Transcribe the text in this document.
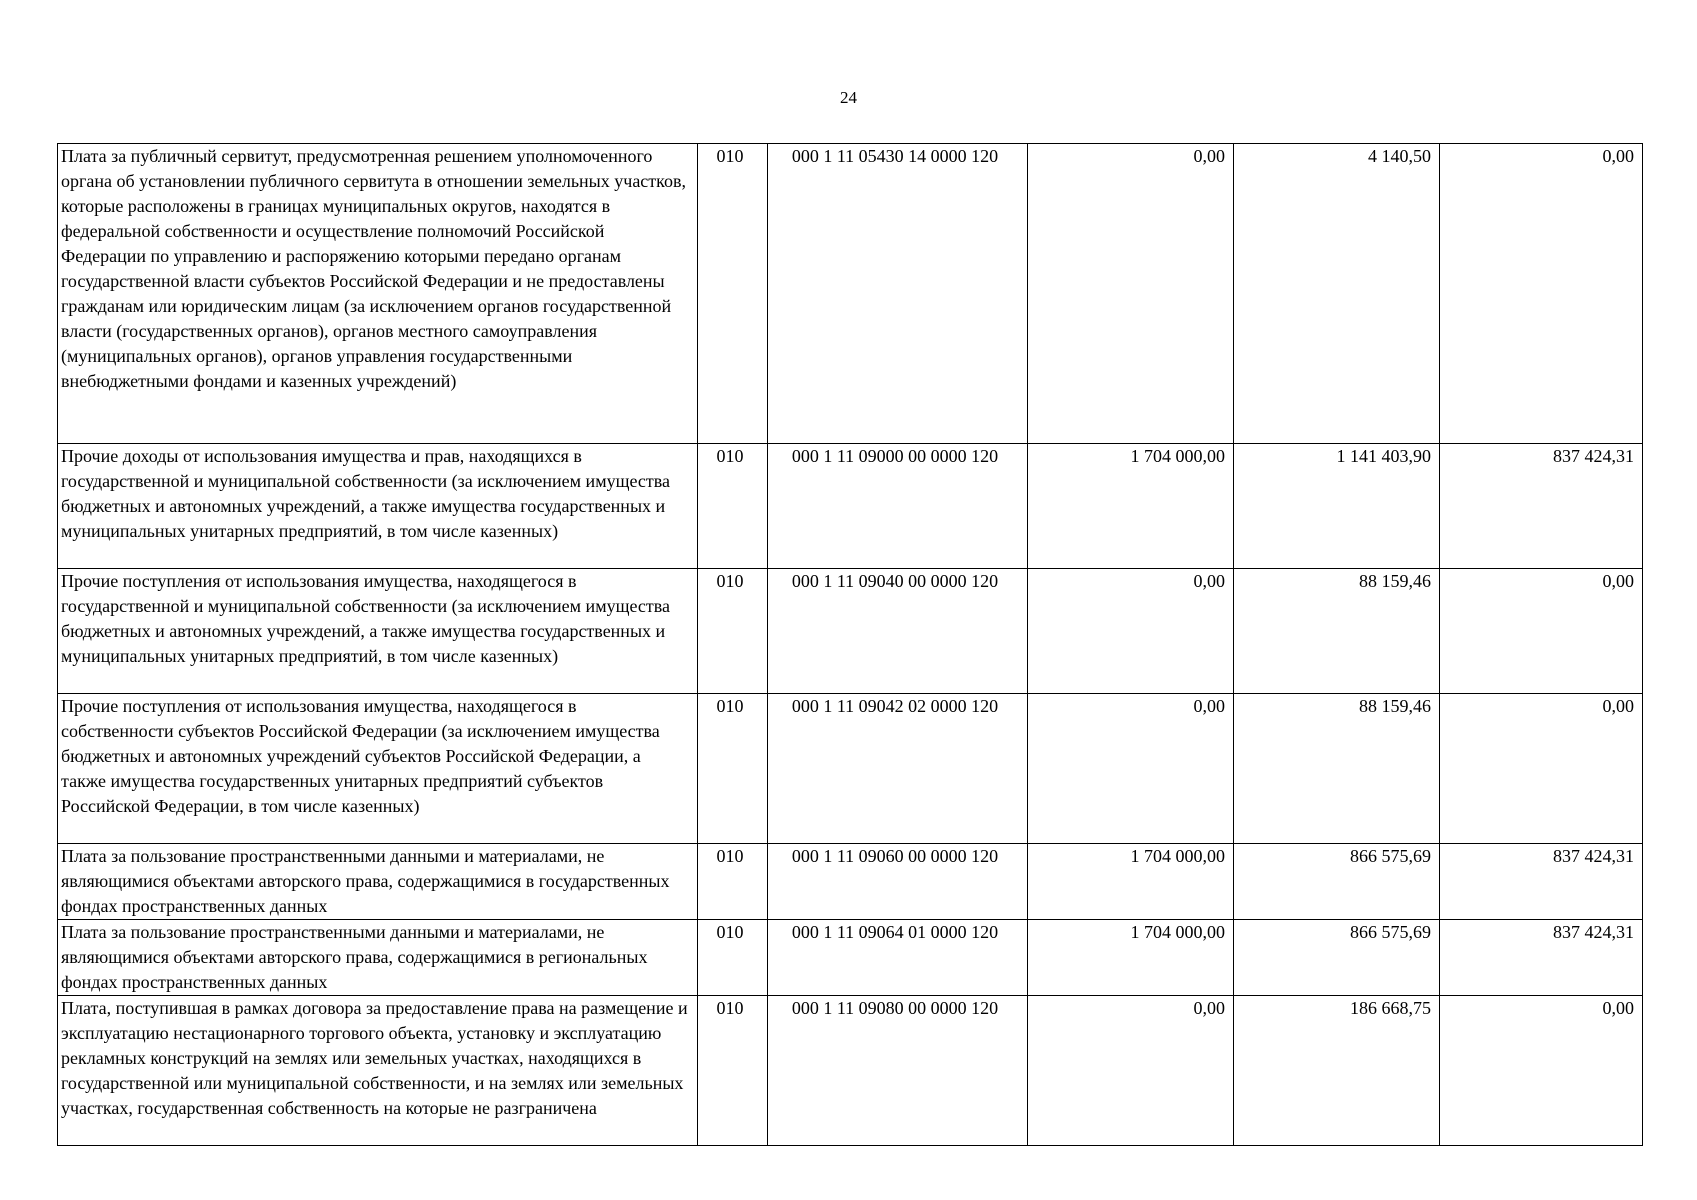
24
Плата за публичный сервитут, предусмотренная решением уполномоченного органа об установлении публичного сервитута в отношении земельных участков, которые расположены в границах муниципальных округов, находятся в федеральной собственности и осуществление полномочий Российской Федерации по управлению и распоряжению которыми передано органам государственной власти субъектов Российской Федерации и не предоставлены гражданам или юридическим лицам (за исключением органов государственной власти (государственных органов), органов местного самоуправления (муниципальных органов), органов управления государственными внебюджетными фондами и казенных учреждений)	010	000 1 11 05430 14 0000 120	0,00	4 140,50	0,00
Прочие доходы от использования имущества и прав, находящихся в государственной и муниципальной собственности (за исключением имущества бюджетных и автономных учреждений, а также имущества государственных и муниципальных унитарных предприятий, в том числе казенных)	010	000 1 11 09000 00 0000 120	1 704 000,00	1 141 403,90	837 424,31
Прочие поступления от использования имущества, находящегося в государственной и муниципальной собственности (за исключением имущества бюджетных и автономных учреждений, а также имущества государственных и муниципальных унитарных предприятий, в том числе казенных)	010	000 1 11 09040 00 0000 120	0,00	88 159,46	0,00
Прочие поступления от использования имущества, находящегося в собственности субъектов Российской Федерации (за исключением имущества бюджетных и автономных учреждений субъектов Российской Федерации, а также имущества государственных унитарных предприятий субъектов Российской Федерации, в том числе казенных)	010	000 1 11 09042 02 0000 120	0,00	88 159,46	0,00
Плата за пользование пространственными данными и материалами, не являющимися объектами авторского права, содержащимися в государственных фондах пространственных данных	010	000 1 11 09060 00 0000 120	1 704 000,00	866 575,69	837 424,31
Плата за пользование пространственными данными и материалами, не являющимися объектами авторского права, содержащимися в региональных фондах пространственных данных	010	000 1 11 09064 01 0000 120	1 704 000,00	866 575,69	837 424,31
Плата, поступившая в рамках договора за предоставление права на размещение и эксплуатацию нестационарного торгового объекта, установку и эксплуатацию рекламных конструкций на землях или земельных участках, находящихся в государственной или муниципальной собственности, и на землях или земельных участках, государственная собственность на которые не разграничена	010	000 1 11 09080 00 0000 120	0,00	186 668,75	0,00
